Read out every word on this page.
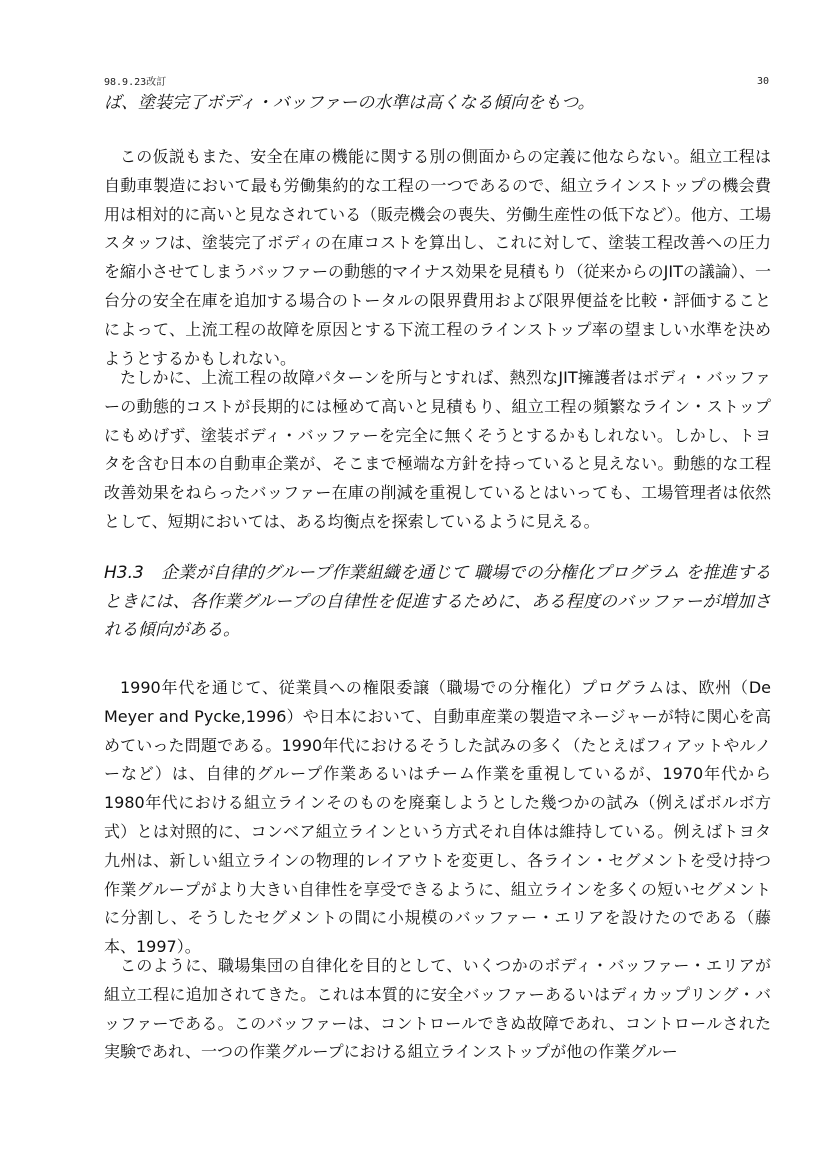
98.9.23改訂	30

ば、塗装完了ボディ・バッファーの水準は高くなる傾向をもつ。

この仮説もまた、安全在庫の機能に関する別の側面からの定義に他ならない。組立工程は自動車製造において最も労働集約的な工程の一つであるので、組立ラインストップの機会費用は相対的に高いと見なされている（販売機会の喪失、労働生産性の低下など）。他方、工場スタッフは、塗装完了ボディの在庫コストを算出し、これに対して、塗装工程改善への圧力を縮小させてしまうバッファーの動態的マイナス効果を見積もり（従来からのJITの議論）、一台分の安全在庫を追加する場合のトータルの限界費用および限界便益を比較・評価することによって、上流工程の故障を原因とする下流工程のラインストップ率の望ましい水準を決めようとするかもしれない。

たしかに、上流工程の故障パターンを所与とすれば、熱烈なJIT擁護者はボディ・バッファーの動態的コストが長期的には極めて高いと見積もり、組立工程の頻繁なライン・ストップにもめげず、塗装ボディ・バッファーを完全に無くそうとするかもしれない。しかし、トヨタを含む日本の自動車企業が、そこまで極端な方針を持っていると見えない。動態的な工程改善効果をねらったバッファー在庫の削減を重視しているとはいっても、工場管理者は依然として、短期においては、ある均衡点を探索しているように見える。

H3.3　企業が自律的グループ作業組織を通じて 職場での分権化プログラム を推進するときには、各作業グループの自律性を促進するために、ある程度のバッファーが増加される傾向がある。

1990年代を通じて、従業員への権限委譲（職場での分権化）プログラムは、欧州（De Meyer and Pycke,1996）や日本において、自動車産業の製造マネージャーが特に関心を高めていった問題である。1990年代におけるそうした試みの多く（たとえばフィアットやルノーなど）は、自律的グループ作業あるいはチーム作業を重視しているが、1970年代から1980年代における組立ラインそのものを廃棄しようとした幾つかの試み（例えばボルボ方式）とは対照的に、コンベア組立ラインという方式それ自体は維持している。例えばトヨタ九州は、新しい組立ラインの物理的レイアウトを変更し、各ライン・セグメントを受け持つ作業グループがより大きい自律性を享受できるように、組立ラインを多くの短いセグメントに分割し、そうしたセグメントの間に小規模のバッファー・エリアを設けたのである（藤本、1997）。

このように、職場集団の自律化を目的として、いくつかのボディ・バッファー・エリアが組立工程に追加されてきた。これは本質的に安全バッファーあるいはディカップリング・バッファーである。このバッファーは、コントロールできぬ故障であれ、コントロールされた実験であれ、一つの作業グループにおける組立ラインストップが他の作業グルー
